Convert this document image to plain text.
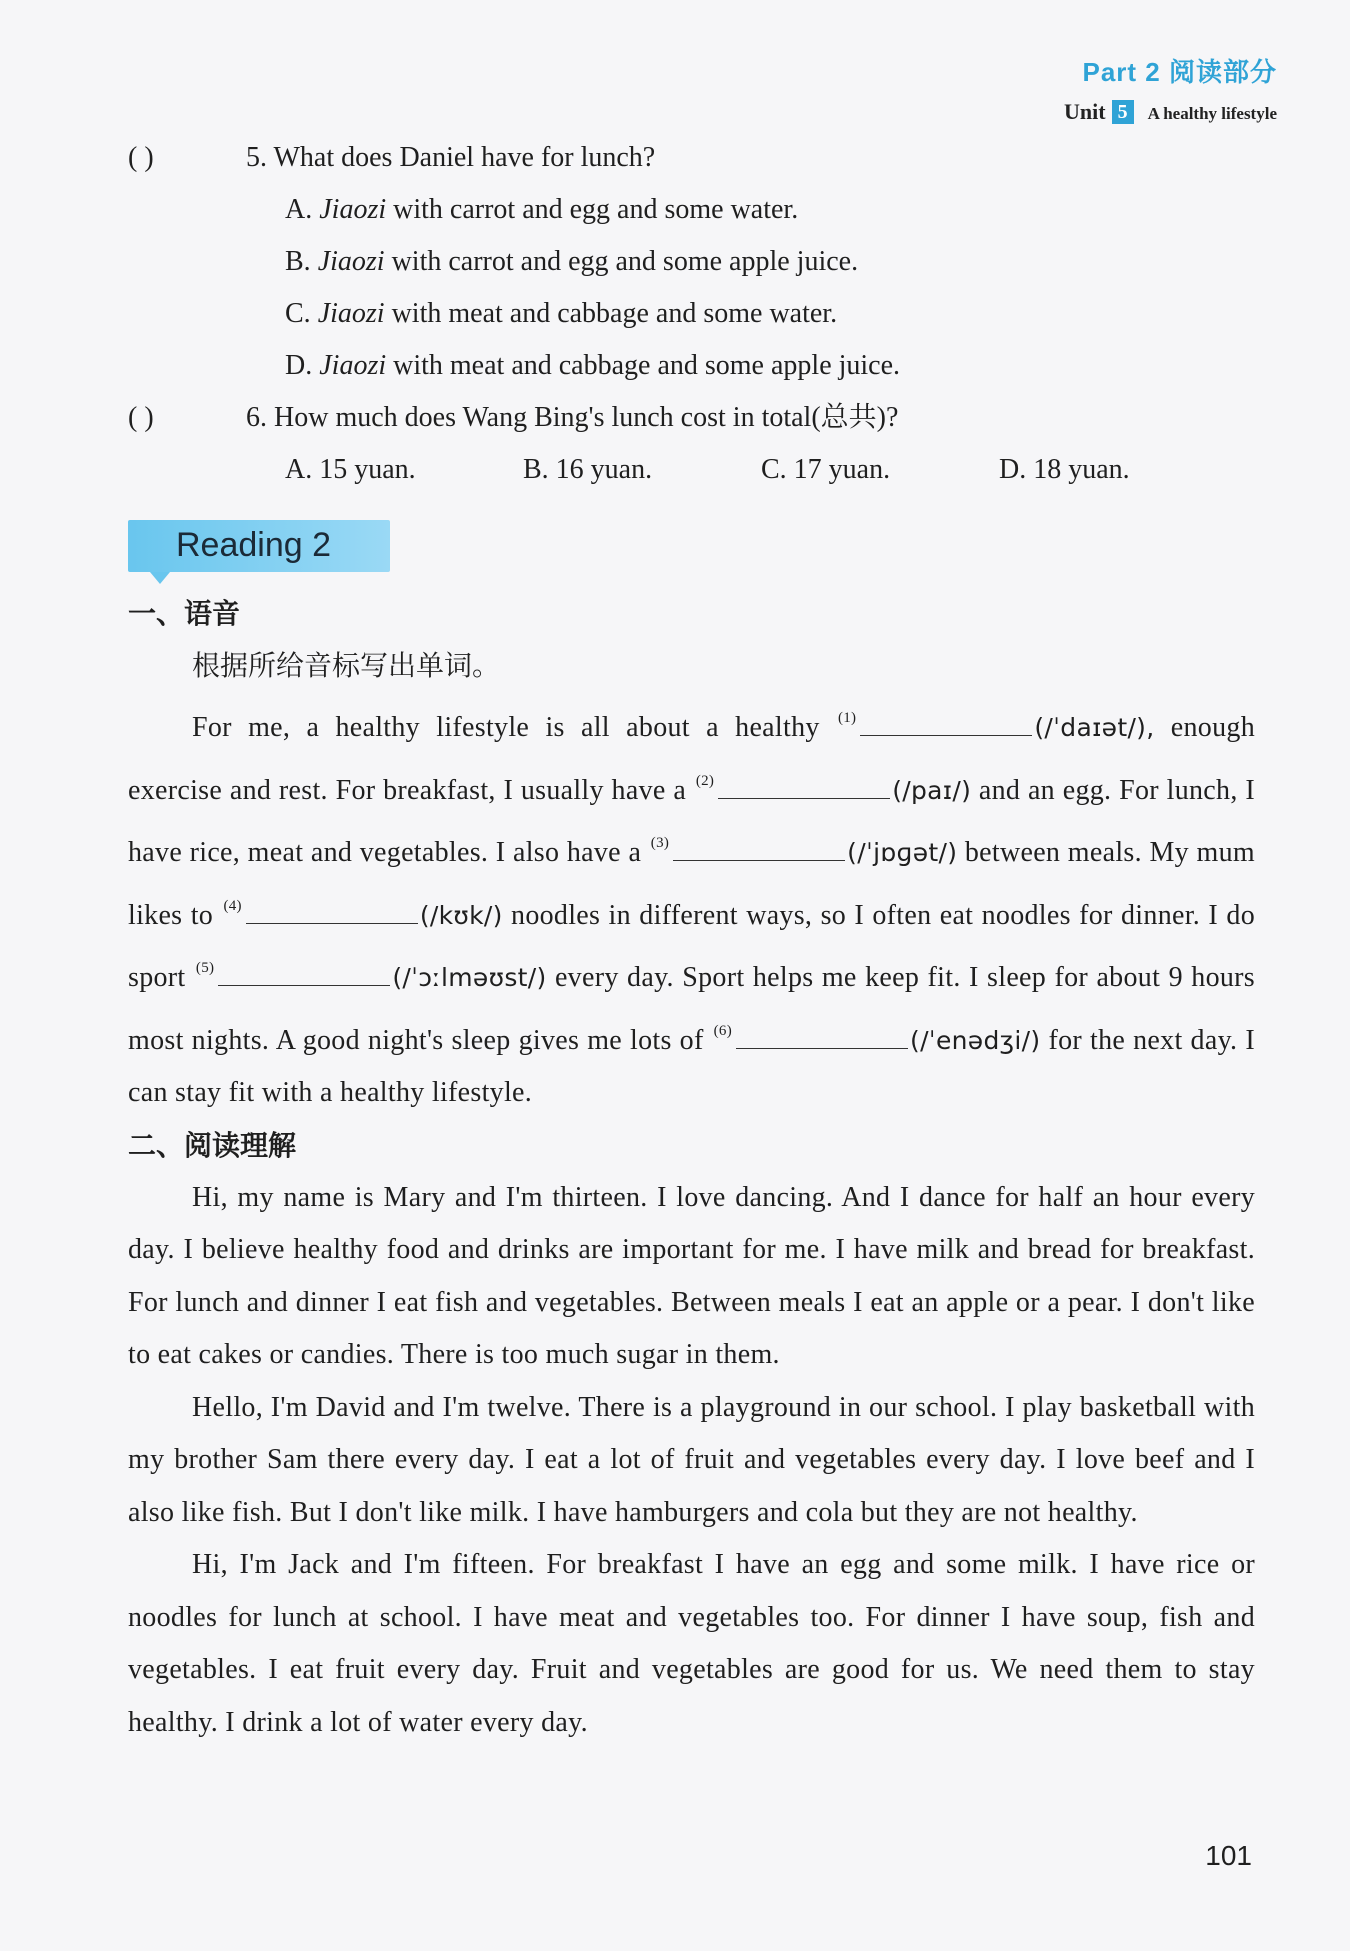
Part 2 阅读部分
Unit 5 A healthy lifestyle
( )	5. What does Daniel have for lunch?
A. Jiaozi with carrot and egg and some water.
B. Jiaozi with carrot and egg and some apple juice.
C. Jiaozi with meat and cabbage and some water.
D. Jiaozi with meat and cabbage and some apple juice.
( )	6. How much does Wang Bing's lunch cost in total(总共)?
A. 15 yuan.	B. 16 yuan.	C. 17 yuan.	D. 18 yuan.
Reading 2
一、语音
根据所给音标写出单词。
For me, a healthy lifestyle is all about a healthy $^{(1)}$	(/ˈdaɪət/), enough exercise and rest. For breakfast, I usually have a $^{(2)}$	(/paɪ/) and an egg. For lunch, I have rice, meat and vegetables. I also have a $^{(3)}$	(/ˈjɒɡət/) between meals. My mum likes to $^{(4)}$	(/kʊk/) noodles in different ways, so I often eat noodles for dinner. I do sport $^{(5)}$	(/ˈɔːlməʊst/) every day. Sport helps me keep fit. I sleep for about 9 hours most nights. A good night's sleep gives me lots of $^{(6)}$	(/ˈenədʒi/) for the next day. I can stay fit with a healthy lifestyle.
二、阅读理解
Hi, my name is Mary and I'm thirteen. I love dancing. And I dance for half an hour every day. I believe healthy food and drinks are important for me. I have milk and bread for breakfast. For lunch and dinner I eat fish and vegetables. Between meals I eat an apple or a pear. I don't like to eat cakes or candies. There is too much sugar in them.
Hello, I'm David and I'm twelve. There is a playground in our school. I play basketball with my brother Sam there every day. I eat a lot of fruit and vegetables every day. I love beef and I also like fish. But I don't like milk. I have hamburgers and cola but they are not healthy.
Hi, I'm Jack and I'm fifteen. For breakfast I have an egg and some milk. I have rice or noodles for lunch at school. I have meat and vegetables too. For dinner I have soup, fish and vegetables. I eat fruit every day. Fruit and vegetables are good for us. We need them to stay healthy. I drink a lot of water every day.
101
